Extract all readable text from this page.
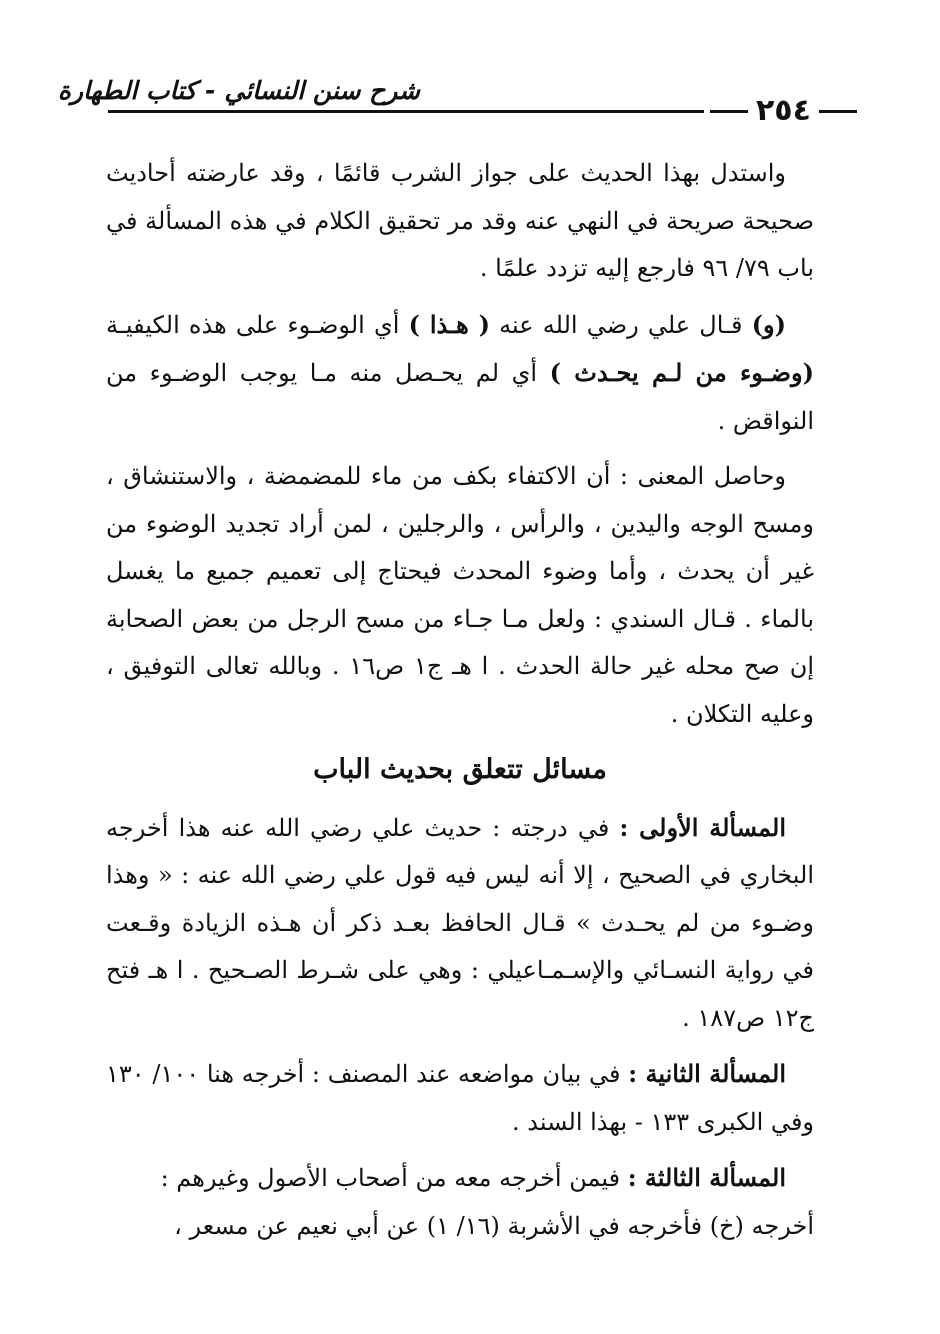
شرح سنن النسائي - كتاب الطهارة
٢٥٤

واستدل بهذا الحديث على جواز الشرب قائمًا ، وقد عارضته أحاديث صحيحة صريحة في النهي عنه وقد مر تحقيق الكلام في هذه المسألة في باب ٧٩/ ٩٦ فارجع إليه تزدد علمًا .

(و) قـال علي رضي الله عنه ( هـذا ) أي الوضـوء على هذه الكيفيـة (وضـوء من لـم يحـدث ) أي لم يحـصل منه مـا يوجب الوضـوء من النواقض .

وحاصل المعنى : أن الاكتفاء بكف من ماء للمضمضة ، والاستنشاق ، ومسح الوجه واليدين ، والرأس ، والرجلين ، لمن أراد تجديد الوضوء من غير أن يحدث ، وأما وضوء المحدث فيحتاج إلى تعميم جميع ما يغسل بالماء . قـال السندي : ولعل مـا جـاء من مسح الرجل من بعض الصحابة إن صح محله غير حالة الحدث . ا هـ ج١ ص١٦ . وبالله تعالى التوفيق ، وعليه التكلان .

مسائل تتعلق بحديث الباب

المسألة الأولى : في درجته : حديث علي رضي الله عنه هذا أخرجه البخاري في الصحيح ، إلا أنه ليس فيه قول علي رضي الله عنه : « وهذا وضـوء من لم يحـدث » قـال الحافظ بعـد ذكر أن هـذه الزيادة وقـعت في رواية النسـائي والإسـمـاعيلي : وهي على شـرط الصـحيح . ا هـ فتح ج١٢ ص١٨٧ .

المسألة الثانية : في بيان مواضعه عند المصنف : أخرجه هنا ١٠٠/ ١٣٠ وفي الكبرى ١٣٣ - بهذا السند .

المسألة الثالثة : فيمن أخرجه معه من أصحاب الأصول وغيرهم :

أخرجه (خ) فأخرجه في الأشربة (١٦/ ١) عن أبي نعيم عن مسعر ،
